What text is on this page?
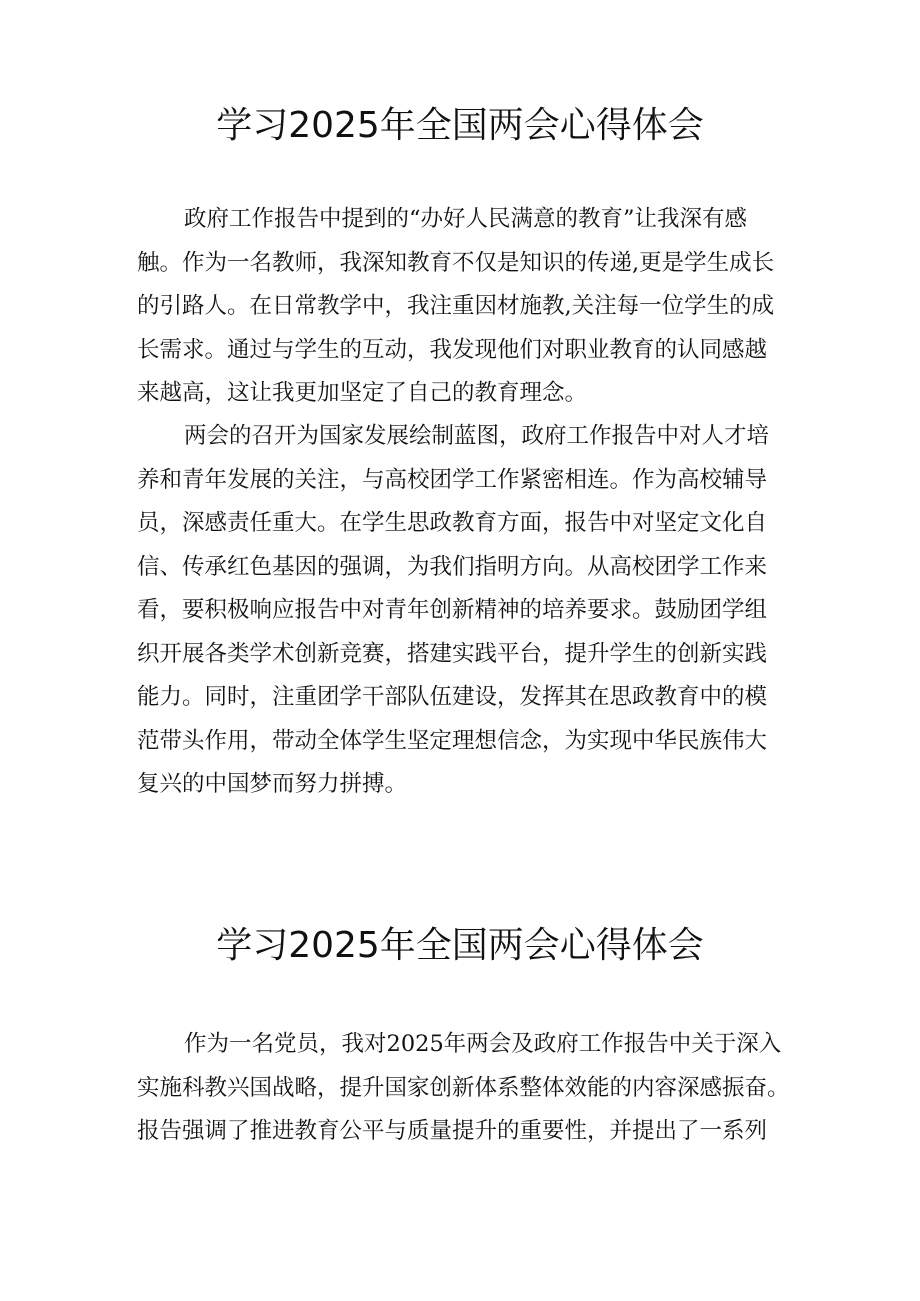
学习2025年全国两会心得体会
政府工作报告中提到的“办好人民满意的教育”让我深有感
触。作为一名教师，我深知教育不仅是知识的传递,更是学生成长
的引路人。在日常教学中，我注重因材施教,关注每一位学生的成
长需求。通过与学生的互动，我发现他们对职业教育的认同感越
来越高，这让我更加坚定了自己的教育理念。
两会的召开为国家发展绘制蓝图，政府工作报告中对人才培
养和青年发展的关注，与高校团学工作紧密相连。作为高校辅导
员，深感责任重大。在学生思政教育方面，报告中对坚定文化自
信、传承红色基因的强调，为我们指明方向。从高校团学工作来
看，要积极响应报告中对青年创新精神的培养要求。鼓励团学组
织开展各类学术创新竞赛，搭建实践平台，提升学生的创新实践
能力。同时，注重团学干部队伍建设，发挥其在思政教育中的模
范带头作用，带动全体学生坚定理想信念，为实现中华民族伟大
复兴的中国梦而努力拼搏。
学习2025年全国两会心得体会
作为一名党员，我对2025年两会及政府工作报告中关于深入
实施科教兴国战略，提升国家创新体系整体效能的内容深感振奋。
报告强调了推进教育公平与质量提升的重要性，并提出了一系列
